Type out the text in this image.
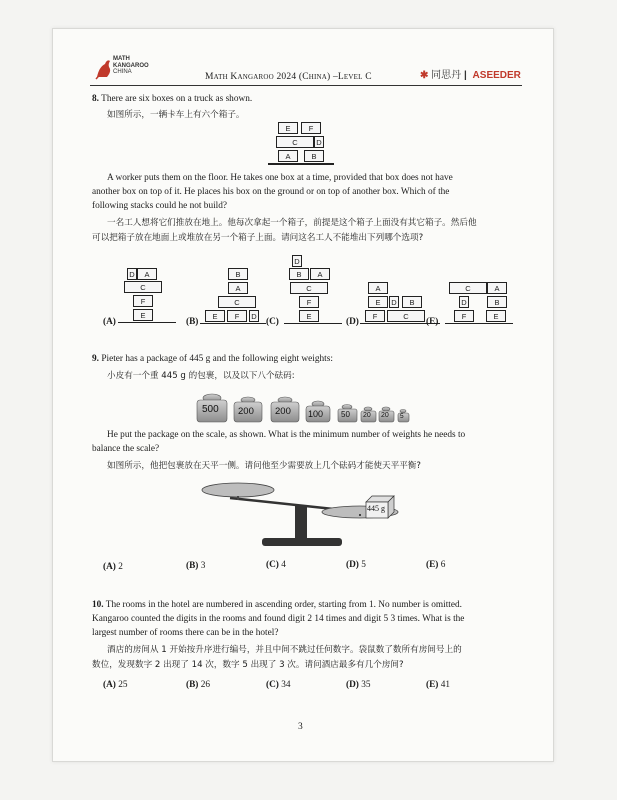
MATH
KANGAROO
CHINA	Math Kangaroo 2024 (China) –Level C	✱ 同思丹 | ASEEDER
8. There are six boxes on a truck as shown.
如图所示，一辆卡车上有六个箱子。
E	F
C	D
A	B
A worker puts them on the floor. He takes one box at a time, provided that box does not have
another box on top of it. He places his box on the ground or on top of another box. Which of the
following stacks could he not build?
一名工人想将它们推放在地上。他每次拿起一个箱子，前提是这个箱子上面没有其它箱子。然后他
可以把箱子放在地面上或堆放在另一个箱子上面。请问这名工人不能堆出下列哪个选项?
(A)
D	A
C
F
E
(B)
B
A
C
E	F	D
(C)
D
B	A
C
F
E
(D)
A
E	D	B
F	C
(E)
C	A
D	B
F	E
9. Pieter has a package of 445 g and the following eight weights:
小皮有一个重 445 g 的包裹，以及以下八个砝码:
500 200 200 100 50 20 20 5
He put the package on the scale, as shown. What is the minimum number of weights he needs to
balance the scale?
如图所示，他把包裹放在天平一侧。请问他至少需要放上几个砝码才能使天平平衡?
445 g
(A) 2	(B) 3	(C) 4	(D) 5	(E) 6
10. The rooms in the hotel are numbered in ascending order, starting from 1. No number is omitted.
Kangaroo counted the digits in the rooms and found digit 2 14 times and digit 5 3 times. What is the
largest number of rooms there can be in the hotel?
酒店的房间从 1 开始按升序进行编号，并且中间不跳过任何数字。袋鼠数了数所有房间号上的
数位，发现数字 2 出现了 14 次，数字 5 出现了 3 次。请问酒店最多有几个房间?
(A) 25	(B) 26	(C) 34	(D) 35	(E) 41
3
